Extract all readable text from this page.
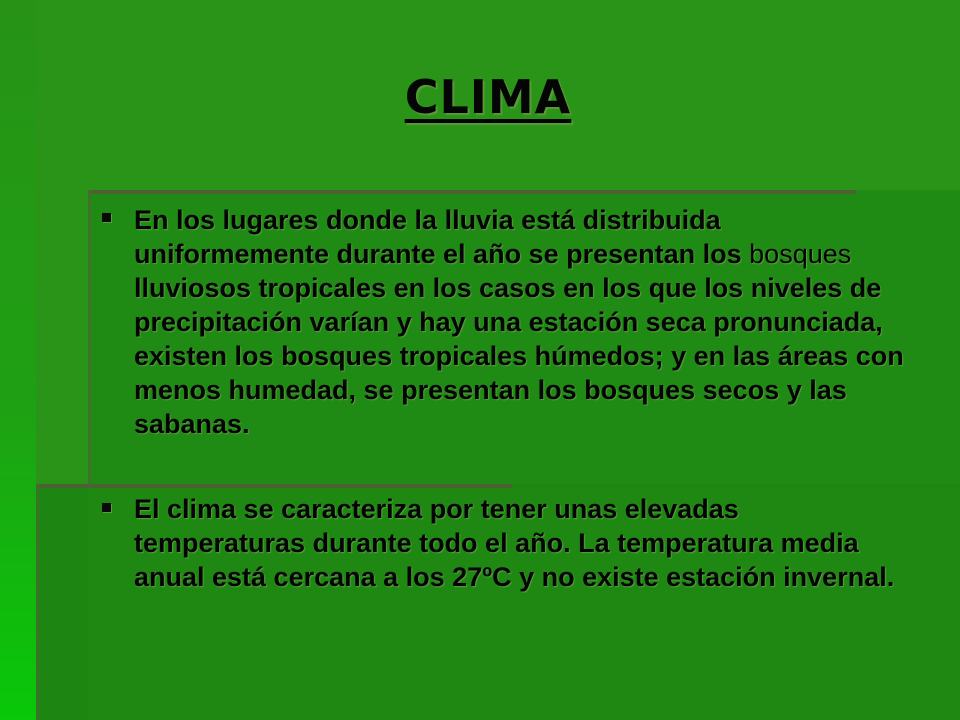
CLIMA
En los lugares donde la lluvia está distribuida uniformemente durante el año se presentan los bosques lluviosos tropicales en los casos en los que los niveles de precipitación varían y hay una estación seca pronunciada, existen los bosques tropicales húmedos; y en las áreas con menos humedad, se presentan los bosques secos y las sabanas.
El clima se caracteriza por tener unas elevadas temperaturas durante todo el año. La temperatura media anual está cercana a los 27ºC y no existe estación invernal.
